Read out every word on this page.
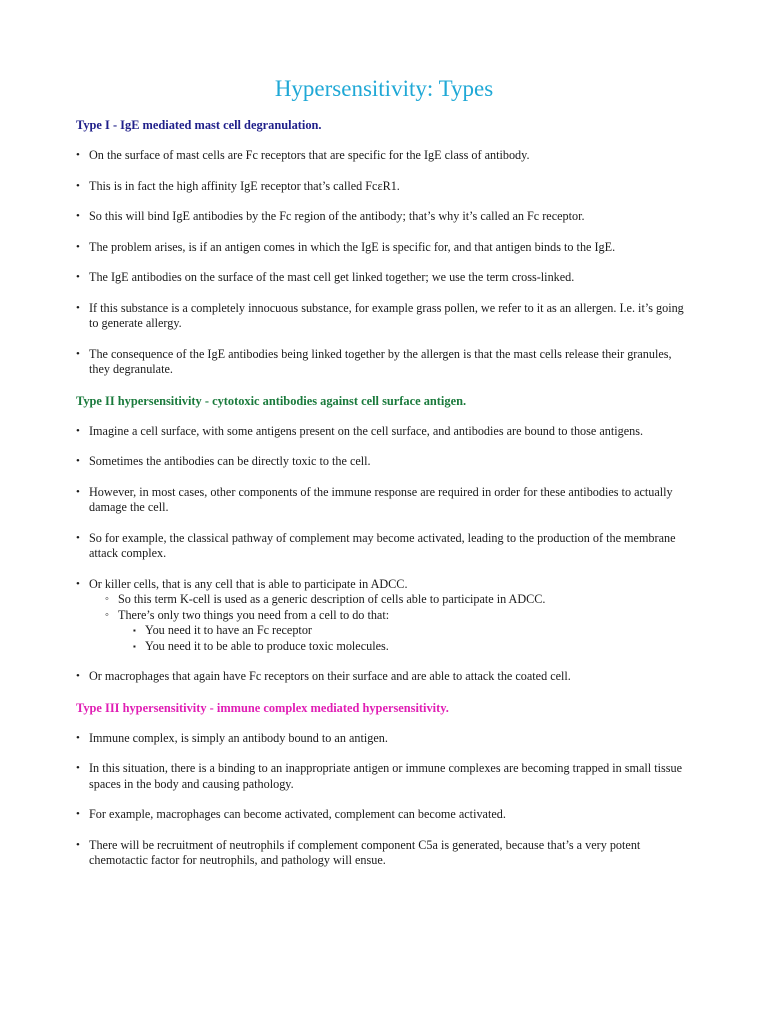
Hypersensitivity: Types

Type I - IgE mediated mast cell degranulation.

• On the surface of mast cells are Fc receptors that are specific for the IgE class of antibody.
• This is in fact the high affinity IgE receptor that’s called FcεR1.
• So this will bind IgE antibodies by the Fc region of the antibody; that’s why it’s called an Fc receptor.
• The problem arises, is if an antigen comes in which the IgE is specific for, and that antigen binds to the IgE.
• The IgE antibodies on the surface of the mast cell get linked together; we use the term cross-linked.
• If this substance is a completely innocuous substance, for example grass pollen, we refer to it as an allergen. I.e. it’s going to generate allergy.
• The consequence of the IgE antibodies being linked together by the allergen is that the mast cells release their granules, they degranulate.

Type II hypersensitivity - cytotoxic antibodies against cell surface antigen.

• Imagine a cell surface, with some antigens present on the cell surface, and antibodies are bound to those antigens.
• Sometimes the antibodies can be directly toxic to the cell.
• However, in most cases, other components of the immune response are required in order for these antibodies to actually damage the cell.
• So for example, the classical pathway of complement may become activated, leading to the production of the membrane attack complex.
• Or killer cells, that is any cell that is able to participate in ADCC.
◦ So this term K-cell is used as a generic description of cells able to participate in ADCC.
◦ There’s only two things you need from a cell to do that:
▪ You need it to have an Fc receptor
▪ You need it to be able to produce toxic molecules.
• Or macrophages that again have Fc receptors on their surface and are able to attack the coated cell.

Type III hypersensitivity - immune complex mediated hypersensitivity.

• Immune complex, is simply an antibody bound to an antigen.
• In this situation, there is a binding to an inappropriate antigen or immune complexes are becoming trapped in small tissue spaces in the body and causing pathology.
• For example, macrophages can become activated, complement can become activated.
• There will be recruitment of neutrophils if complement component C5a is generated, because that’s a very potent chemotactic factor for neutrophils, and pathology will ensue.
